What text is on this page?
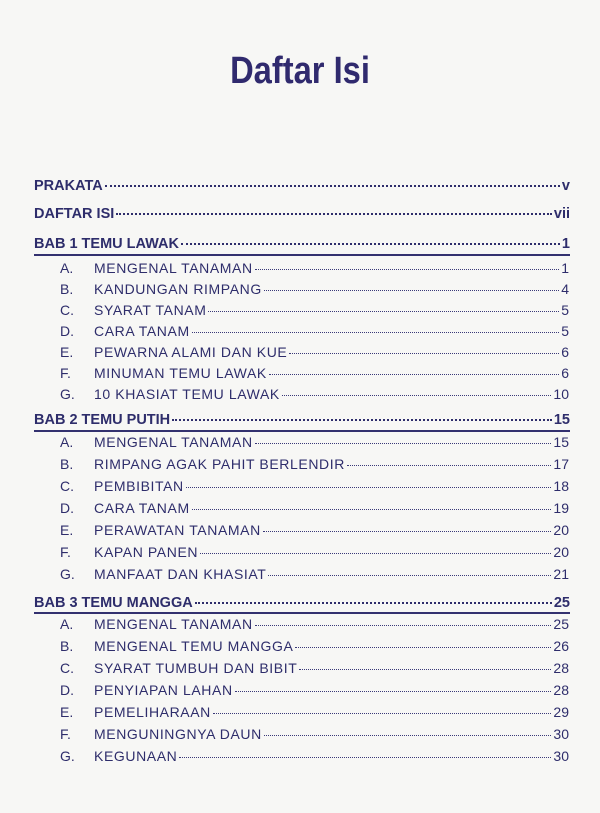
Daftar Isi
PRAKATA	v
DAFTAR ISI	vii
BAB 1 TEMU LAWAK	1
A.	MENGENAL TANAMAN	1
B.	KANDUNGAN RIMPANG	4
C.	SYARAT TANAM	5
D.	CARA TANAM	5
E.	PEWARNA ALAMI DAN KUE	6
F.	MINUMAN TEMU LAWAK	6
G.	10 KHASIAT TEMU LAWAK	10
BAB 2 TEMU PUTIH	15
A.	MENGENAL TANAMAN	15
B.	RIMPANG AGAK PAHIT BERLENDIR	17
C.	PEMBIBITAN	18
D.	CARA TANAM	19
E.	PERAWATAN TANAMAN	20
F.	KAPAN PANEN	20
G.	MANFAAT DAN KHASIAT	21
BAB 3 TEMU MANGGA	25
A.	MENGENAL TANAMAN	25
B.	MENGENAL TEMU MANGGA	26
C.	SYARAT TUMBUH DAN BIBIT	28
D.	PENYIAPAN LAHAN	28
E.	PEMELIHARAAN	29
F.	MENGUNINGNYA DAUN	30
G.	KEGUNAAN	30
